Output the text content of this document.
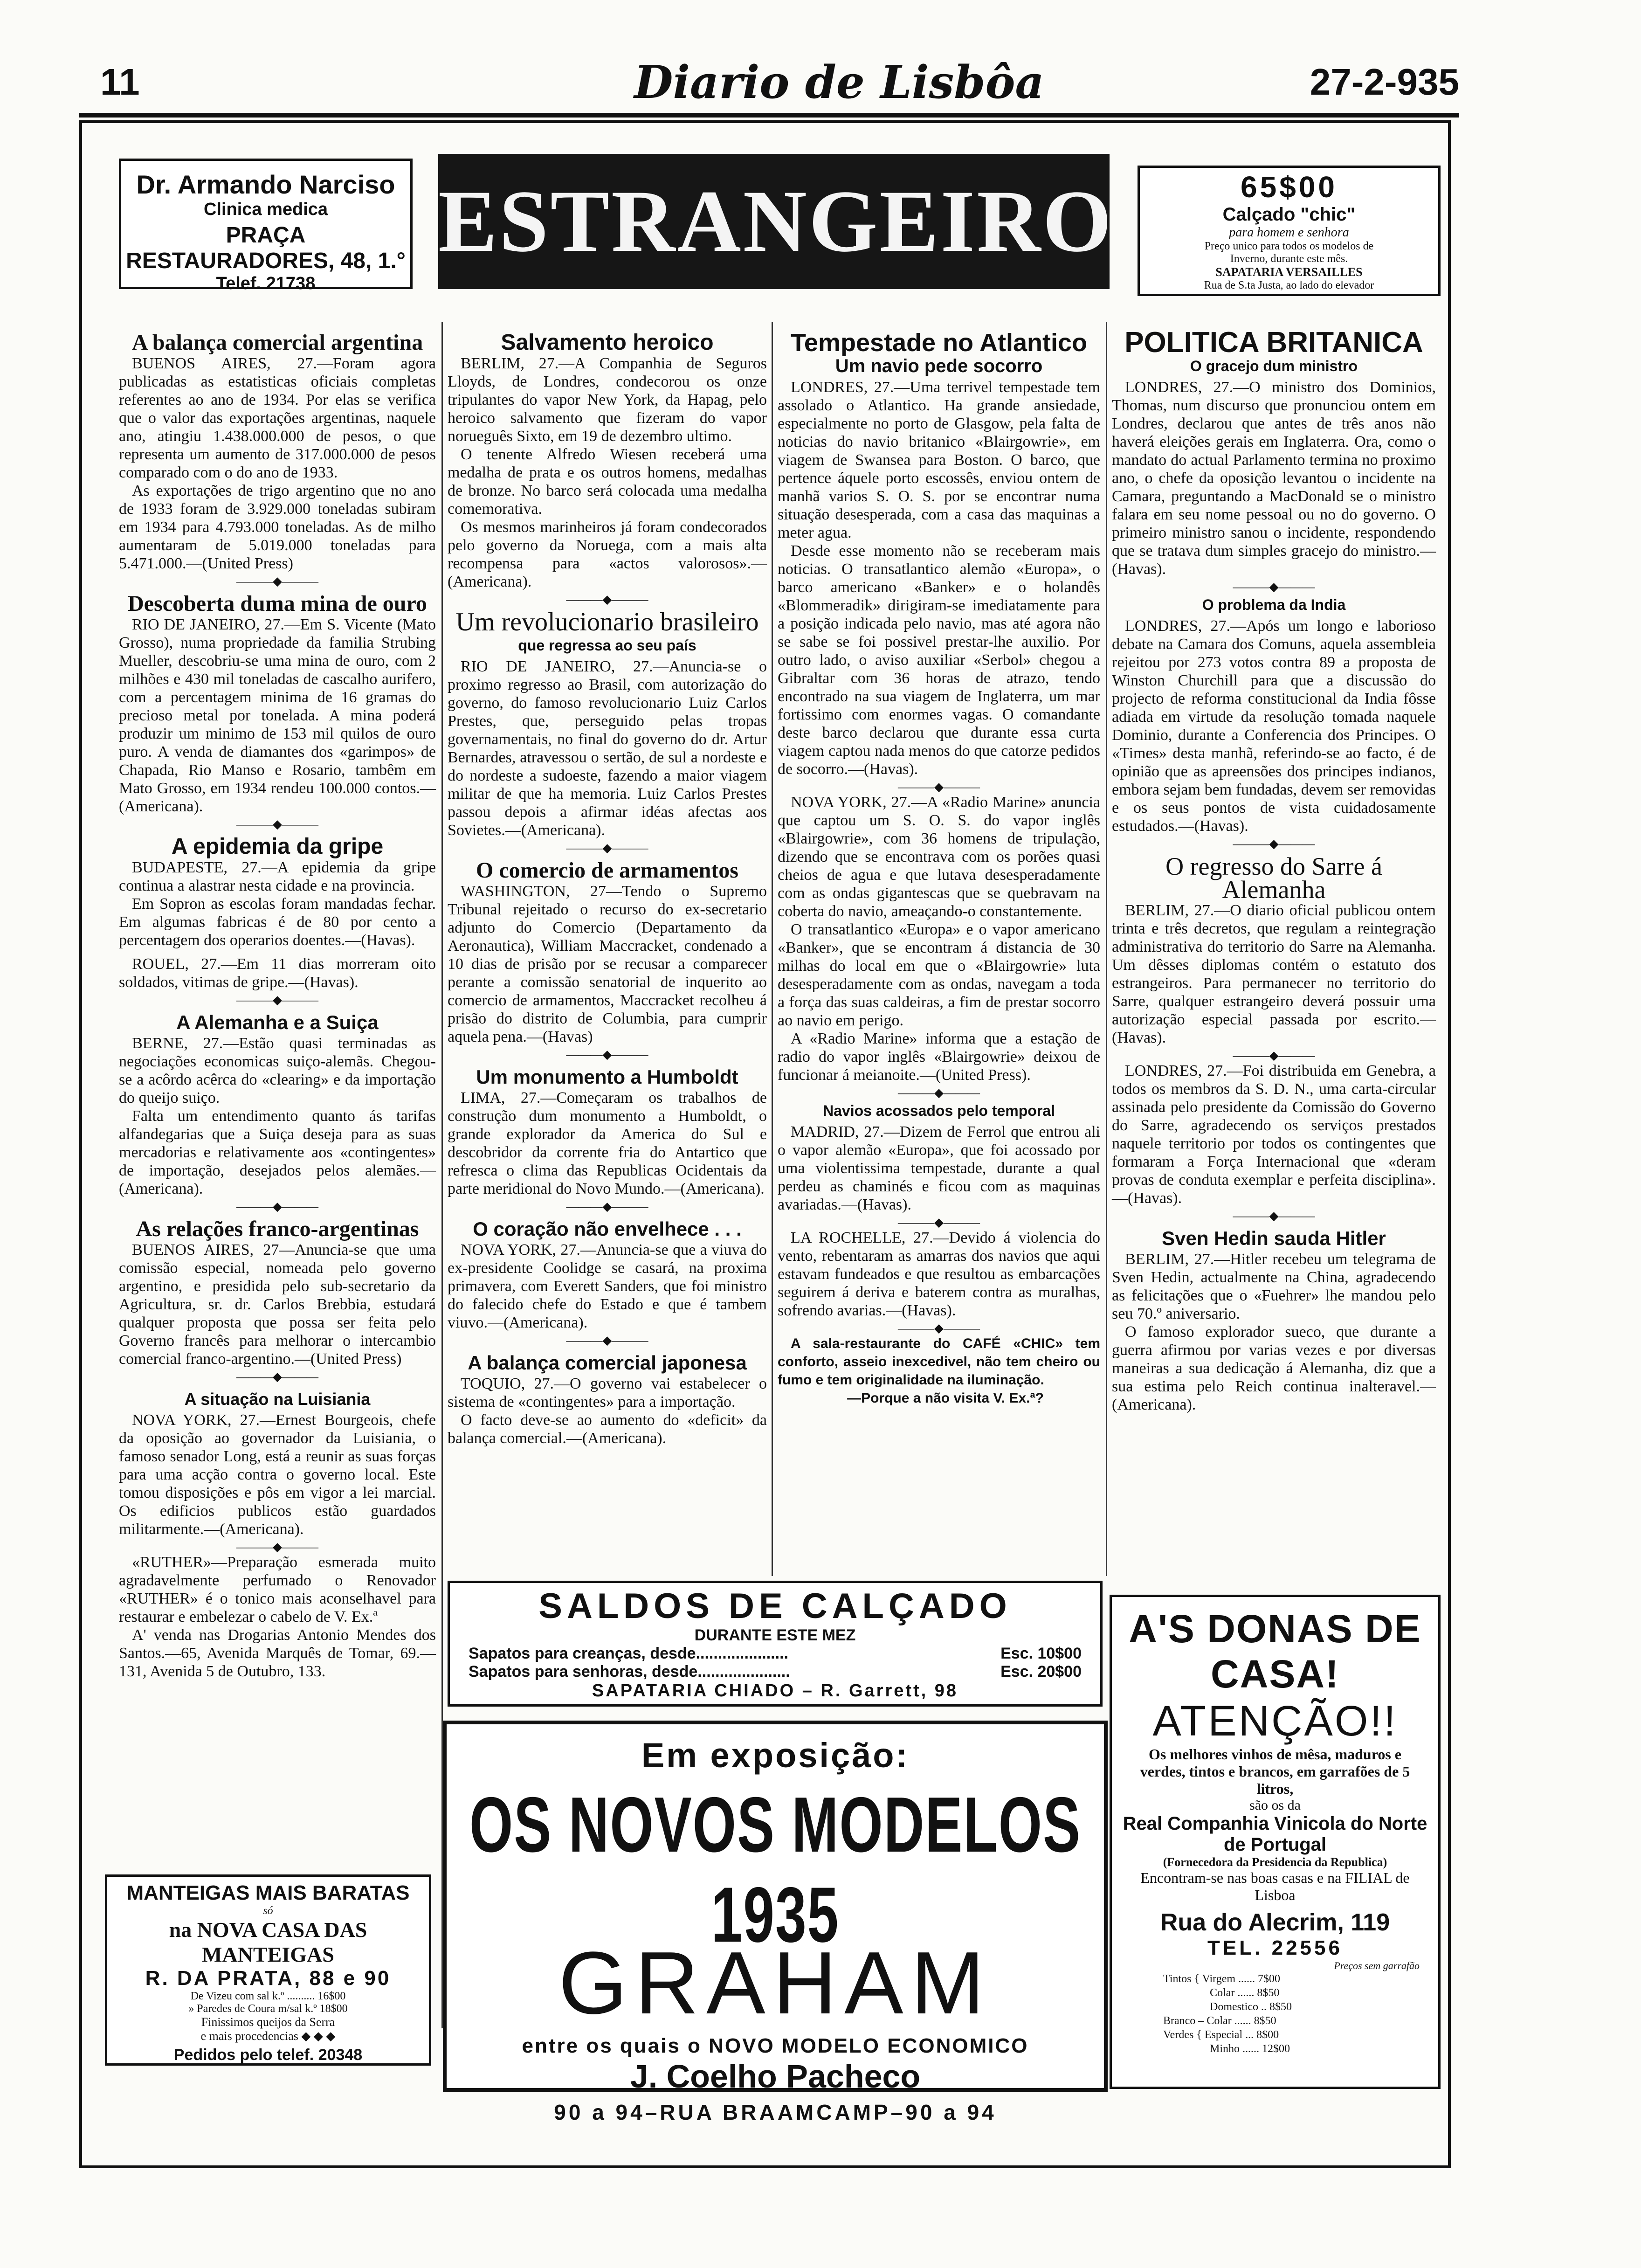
11	Diario de Lisbôa	27-2-935
Dr. Armando Narciso
Clinica medica
PRAÇA RESTAURADORES, 48, 1.°
Telef. 21738
ESTRANGEIRO	65$00
Calçado "chic"
para homem e senhora
Preço unico para todos os modelos de
Inverno, durante este mês.
SAPATARIA VERSAILLES
Rua de S.ta Justa, ao lado do elevador
A balança comercial argentina

BUENOS AIRES, 27.—Foram agora publicadas as estatisticas oficiais completas referentes ao ano de 1934. Por elas se verifica que o valor das exportações argentinas, naquele ano, atingiu 1.438.000.000 de pesos, o que representa um aumento de 317.000.000 de pesos comparado com o do ano de 1933.

As exportações de trigo argentino que no ano de 1933 foram de 3.929.000 toneladas subiram em 1934 para 4.793.000 toneladas. As de milho aumentaram de 5.019.000 toneladas para 5.471.000.—(United Press)

———◆———
Descoberta duma mina de ouro

RIO DE JANEIRO, 27.—Em S. Vicente (Mato Grosso), numa propriedade da familia Strubing Mueller, descobriu-se uma mina de ouro, com 2 milhões e 430 mil toneladas de cascalho aurifero, com a percentagem minima de 16 gramas do precioso metal por tonelada. A mina poderá produzir um minimo de 153 mil quilos de ouro puro. A venda de diamantes dos «garimpos» de Chapada, Rio Manso e Rosario, tambêm em Mato Grosso, em 1934 rendeu 100.000 contos.—(Americana).

———◆———
A epidemia da gripe

BUDAPESTE, 27.—A epidemia da gripe continua a alastrar nesta cidade e na provincia.

Em Sopron as escolas foram mandadas fechar. Em algumas fabricas é de 80 por cento a percentagem dos operarios doentes.—(Havas).

ROUEL, 27.—Em 11 dias morreram oito soldados, vitimas de gripe.—(Havas).

———◆———
A Alemanha e a Suiça

BERNE, 27.—Estão quasi terminadas as negociações economicas suiço-alemãs. Chegou-se a acôrdo acêrca do «clearing» e da importação do queijo suiço.

Falta um entendimento quanto ás tarifas alfandegarias que a Suiça deseja para as suas mercadorias e relativamente aos «contingentes» de importação, desejados pelos alemães.—(Americana).

———◆———
As relações franco-argentinas

BUENOS AIRES, 27—Anuncia-se que uma comissão especial, nomeada pelo governo argentino, e presidida pelo sub-secretario da Agricultura, sr. dr. Carlos Brebbia, estudará qualquer proposta que possa ser feita pelo Governo francês para melhorar o intercambio comercial franco-argentino.—(United Press)

———◆———
A situação na Luisiania

NOVA YORK, 27.—Ernest Bourgeois, chefe da oposição ao governador da Luisiania, o famoso senador Long, está a reunir as suas forças para uma acção contra o governo local. Este tomou disposições e pôs em vigor a lei marcial. Os edificios publicos estão guardados militarmente.—(Americana).

———◆———

«RUTHER»—Preparação esmerada muito agradavelmente perfumado o Renovador «RUTHER» é o tonico mais aconselhavel para restaurar e embelezar o cabelo de V. Ex.ª

A' venda nas Drogarias Antonio Mendes dos Santos.—65, Avenida Marquês de Tomar, 69.—131, Avenida 5 de Outubro, 133.

MANTEIGAS MAIS BARATAS
só
na NOVA CASA DAS MANTEIGAS
R. DA PRATA, 88 e 90
De Vizeu com sal k.º .......... 16$00
» Paredes de Coura m/sal k.º 18$00
Finissimos queijos da Serra
e mais procedencias ◆ ◆ ◆
Pedidos pelo telef. 20348
Salvamento heroico

BERLIM, 27.—A Companhia de Seguros Lloyds, de Londres, condecorou os onze tripulantes do vapor New York, da Hapag, pelo heroico salvamento que fizeram do vapor norueguês Sixto, em 19 de dezembro ultimo.

O tenente Alfredo Wiesen receberá uma medalha de prata e os outros homens, medalhas de bronze. No barco será colocada uma medalha comemorativa.

Os mesmos marinheiros já foram condecorados pelo governo da Noruega, com a mais alta recompensa para «actos valorosos».—(Americana).

———◆———
Um revolucionario brasileiro
que regressa ao seu país

RIO DE JANEIRO, 27.—Anuncia-se o proximo regresso ao Brasil, com autorização do governo, do famoso revolucionario Luiz Carlos Prestes, que, perseguido pelas tropas governamentais, no final do governo do dr. Artur Bernardes, atravessou o sertão, de sul a nordeste e do nordeste a sudoeste, fazendo a maior viagem militar de que ha memoria. Luiz Carlos Prestes passou depois a afirmar idéas afectas aos Sovietes.—(Americana).

———◆———
O comercio de armamentos

WASHINGTON, 27—Tendo o Supremo Tribunal rejeitado o recurso do ex-secretario adjunto do Comercio (Departamento da Aeronautica), William Maccracket, condenado a 10 dias de prisão por se recusar a comparecer perante a comissão senatorial de inquerito ao comercio de armamentos, Maccracket recolheu á prisão do distrito de Columbia, para cumprir aquela pena.—(Havas)

———◆———
Um monumento a Humboldt

LIMA, 27.—Começaram os trabalhos de construção dum monumento a Humboldt, o grande explorador da America do Sul e descobridor da corrente fria do Antartico que refresca o clima das Republicas Ocidentais da parte meridional do Novo Mundo.—(Americana).

———◆———
O coração não envelhece . . .

NOVA YORK, 27.—Anuncia-se que a viuva do ex-presidente Coolidge se casará, na proxima primavera, com Everett Sanders, que foi ministro do falecido chefe do Estado e que é tambem viuvo.—(Americana).

———◆———
A balança comercial japonesa

TOQUIO, 27.—O governo vai estabelecer o sistema de «contingentes» para a importação.

O facto deve-se ao aumento do «deficit» da balança comercial.—(Americana).

Tempestade no Atlantico
Um navio pede socorro

LONDRES, 27.—Uma terrivel tempestade tem assolado o Atlantico. Ha grande ansiedade, especialmente no porto de Glasgow, pela falta de noticias do navio britanico «Blairgowrie», em viagem de Swansea para Boston. O barco, que pertence áquele porto escossês, enviou ontem de manhã varios S. O. S. por se encontrar numa situação desesperada, com a casa das maquinas a meter agua.

Desde esse momento não se receberam mais noticias. O transatlantico alemão «Europa», o barco americano «Banker» e o holandês «Blommeradik» dirigiram-se imediatamente para a posição indicada pelo navio, mas até agora não se sabe se foi possivel prestar-lhe auxilio. Por outro lado, o aviso auxiliar «Serbol» chegou a Gibraltar com 36 horas de atrazo, tendo encontrado na sua viagem de Inglaterra, um mar fortissimo com enormes vagas. O comandante deste barco declarou que durante essa curta viagem captou nada menos do que catorze pedidos de socorro.—(Havas).

———◆———

NOVA YORK, 27.—A «Radio Marine» anuncia que captou um S. O. S. do vapor inglês «Blairgowrie», com 36 homens de tripulação, dizendo que se encontrava com os porões quasi cheios de agua e que lutava desesperadamente com as ondas gigantescas que se quebravam na coberta do navio, ameaçando-o constantemente.

O transatlantico «Europa» e o vapor americano «Banker», que se encontram á distancia de 30 milhas do local em que o «Blairgowrie» luta desesperadamente com as ondas, navegam a toda a força das suas caldeiras, a fim de prestar socorro ao navio em perigo.

A «Radio Marine» informa que a estação de radio do vapor inglês «Blairgowrie» deixou de funcionar á meianoite.—(United Press).

———◆———
Navios acossados pelo temporal

MADRID, 27.—Dizem de Ferrol que entrou ali o vapor alemão «Europa», que foi acossado por uma violentissima tempestade, durante a qual perdeu as chaminés e ficou com as maquinas avariadas.—(Havas).

———◆———

LA ROCHELLE, 27.—Devido á violencia do vento, rebentaram as amarras dos navios que aqui estavam fundeados e que resultou as embarcações seguirem á deriva e baterem contra as muralhas, sofrendo avarias.—(Havas).

———◆———

A sala-restaurante do CAFÉ «CHIC» tem conforto, asseio inexcedivel, não tem cheiro ou fumo e tem originalidade na iluminação.

—Porque a não visita V. Ex.ª?

POLITICA BRITANICA
O gracejo dum ministro

LONDRES, 27.—O ministro dos Dominios, Thomas, num discurso que pronunciou ontem em Londres, declarou que antes de três anos não haverá eleições gerais em Inglaterra. Ora, como o mandato do actual Parlamento termina no proximo ano, o chefe da oposição levantou o incidente na Camara, preguntando a MacDonald se o ministro falara em seu nome pessoal ou no do governo. O primeiro ministro sanou o incidente, respondendo que se tratava dum simples gracejo do ministro.—(Havas).

———◆———
O problema da India

LONDRES, 27.—Após um longo e laborioso debate na Camara dos Comuns, aquela assembleia rejeitou por 273 votos contra 89 a proposta de Winston Churchill para que a discussão do projecto de reforma constitucional da India fôsse adiada em virtude da resolução tomada naquele Dominio, durante a Conferencia dos Principes. O «Times» desta manhã, referindo-se ao facto, é de opinião que as apreensões dos principes indianos, embora sejam bem fundadas, devem ser removidas e os seus pontos de vista cuidadosamente estudados.—(Havas).

———◆———
O regresso do Sarre á Alemanha

BERLIM, 27.—O diario oficial publicou ontem trinta e três decretos, que regulam a reintegração administrativa do territorio do Sarre na Alemanha. Um dêsses diplomas contém o estatuto dos estrangeiros. Para permanecer no territorio do Sarre, qualquer estrangeiro deverá possuir uma autorização especial passada por escrito.—(Havas).

———◆———

LONDRES, 27.—Foi distribuida em Genebra, a todos os membros da S. D. N., uma carta-circular assinada pelo presidente da Comissão do Governo do Sarre, agradecendo os serviços prestados naquele territorio por todos os contingentes que formaram a Força Internacional que «deram provas de conduta exemplar e perfeita disciplina».—(Havas).

———◆———
Sven Hedin sauda Hitler

BERLIM, 27.—Hitler recebeu um telegrama de Sven Hedin, actualmente na China, agradecendo as felicitações que o «Fuehrer» lhe mandou pelo seu 70.º aniversario.

O famoso explorador sueco, que durante a guerra afirmou por varias vezes e por diversas maneiras a sua dedicação á Alemanha, diz que a sua estima pelo Reich continua inalteravel.—(Americana).

SALDOS DE CALÇADO
DURANTE ESTE MEZ
Sapatos para creanças, desde.....................	Esc. 10$00
Sapatos para senhoras, desde.....................	Esc. 20$00
SAPATARIA CHIADO – R. Garrett, 98
Em exposição:
OS NOVOS MODELOS 1935
GRAHAM
entre os quais o NOVO MODELO ECONOMICO
J. Coelho Pacheco
90 a 94–RUA BRAAMCAMP–90 a 94
A'S DONAS DE CASA!
ATENÇÃO!!
Os melhores vinhos de mêsa, maduros e verdes, tintos e brancos, em garrafões de 5 litros,
são os da
Real Companhia Vinicola do Norte de Portugal
(Fornecedora da Presidencia da Republica)
Encontram-se nas boas casas e na FILIAL de Lisboa
Rua do Alecrim, 119
TEL. 22556
Preços sem garrafão
Tintos { Virgem ...... 7$00
Colar ...... 8$50
Domestico .. 8$50
Branco – Colar ...... 8$50
Verdes { Especial ... 8$00
Minho ...... 12$00
